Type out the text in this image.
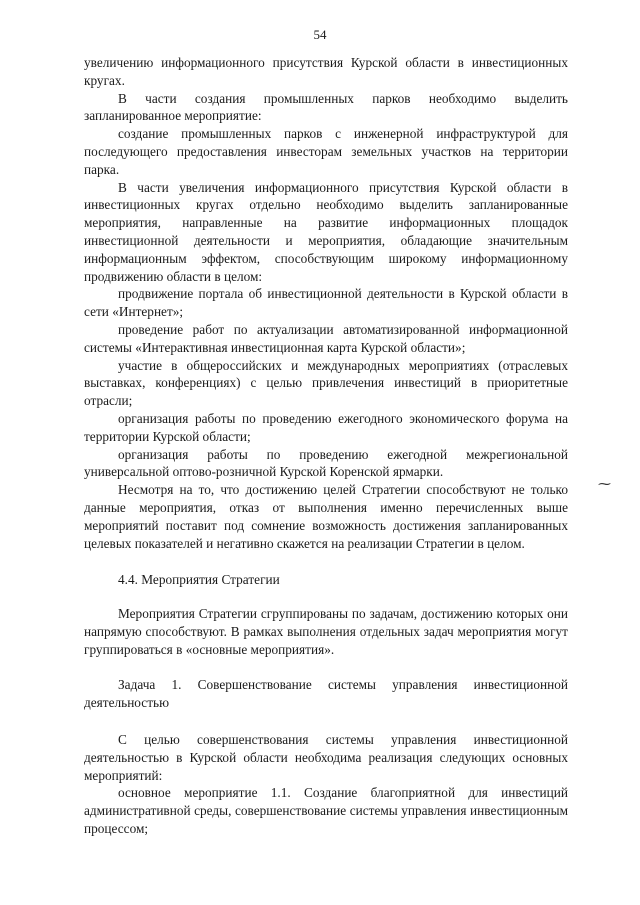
54

увеличению информационного присутствия Курской области в инвестиционных кругах.

В части создания промышленных парков необходимо выделить запланированное мероприятие:

создание промышленных парков с инженерной инфраструктурой для последующего предоставления инвесторам земельных участков на территории парка.

В части увеличения информационного присутствия Курской области в инвестиционных кругах отдельно необходимо выделить запланированные мероприятия, направленные на развитие информационных площадок инвестиционной деятельности и мероприятия, обладающие значительным информационным эффектом, способствующим широкому информационному продвижению области в целом:

продвижение портала об инвестиционной деятельности в Курской области в сети «Интернет»;

проведение работ по актуализации автоматизированной информационной системы «Интерактивная инвестиционная карта Курской области»;

участие в общероссийских и международных мероприятиях (отраслевых выставках, конференциях) с целью привлечения инвестиций в приоритетные отрасли;

организация работы по проведению ежегодного экономического форума на территории Курской области;

организация работы по проведению ежегодной межрегиональной универсальной оптово-розничной Курской Коренской ярмарки.

Несмотря на то, что достижению целей Стратегии способствуют не только данные мероприятия, отказ от выполнения именно перечисленных выше мероприятий поставит под сомнение возможность достижения запланированных целевых показателей и негативно скажется на реализации Стратегии в целом.

⁓
4.4. Мероприятия Стратегии

Мероприятия Стратегии сгруппированы по задачам, достижению которых они напрямую способствуют. В рамках выполнения отдельных задач мероприятия могут группироваться в «основные мероприятия».

Задача 1. Совершенствование системы управления инвестиционной деятельностью

С целью совершенствования системы управления инвестиционной деятельностью в Курской области необходима реализация следующих основных мероприятий:

основное мероприятие 1.1. Создание благоприятной для инвестиций административной среды, совершенствование системы управления инвестиционным процессом;
